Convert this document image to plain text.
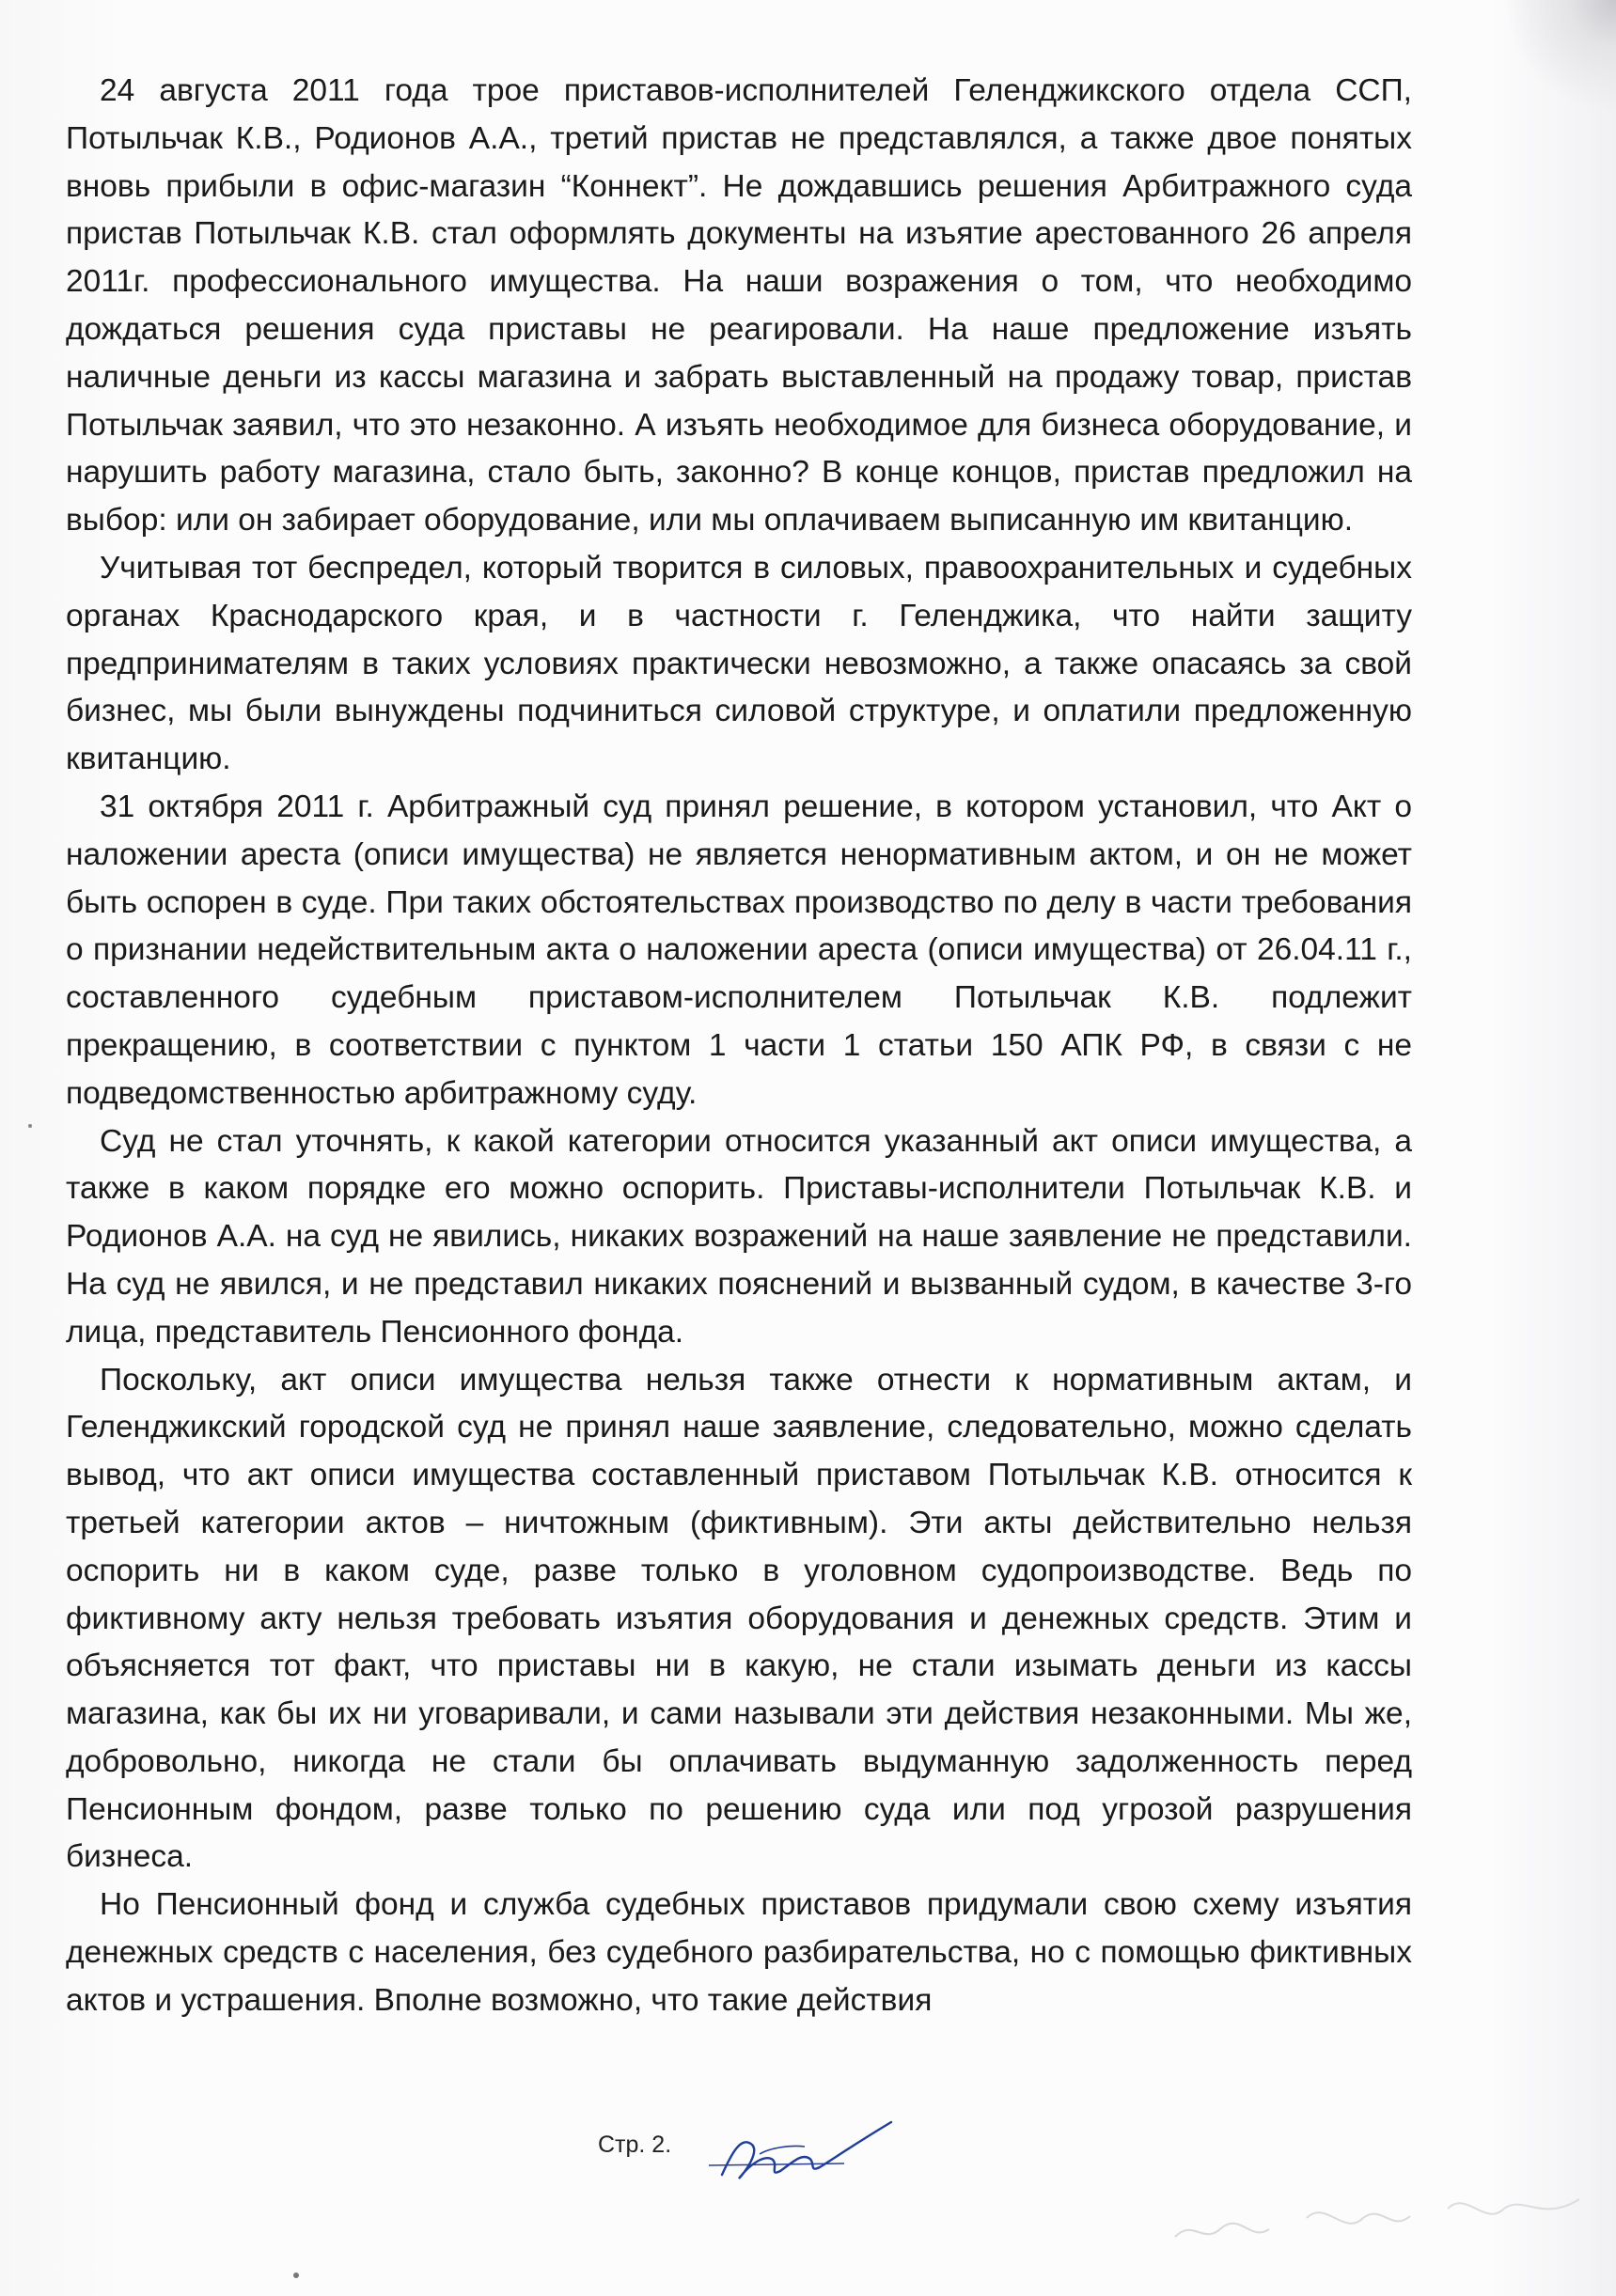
24 августа 2011 года трое приставов-исполнителей Геленджикского отдела ССП, Потыльчак К.В., Родионов А.А., третий пристав не представлялся, а также двое понятых вновь прибыли в офис-магазин “Коннект”. Не дождавшись решения Арбитражного суда пристав Потыльчак К.В. стал оформлять документы на изъятие арестованного 26 апреля 2011г. профессионального имущества. На наши возражения о том, что необходимо дождаться решения суда приставы не реагировали. На наше предложение изъять наличные деньги из кассы магазина и забрать выставленный на продажу товар, пристав Потыльчак заявил, что это незаконно. А изъять необходимое для бизнеса оборудование, и нарушить работу магазина, стало быть, законно? В конце концов, пристав предложил на выбор: или он забирает оборудование, или мы оплачиваем выписанную им квитанцию.

Учитывая тот беспредел, который творится в силовых, правоохранительных и судебных органах Краснодарского края, и в частности г. Геленджика, что найти защиту предпринимателям в таких условиях практически невозможно, а также опасаясь за свой бизнес, мы были вынуждены подчиниться силовой структуре, и оплатили предложенную квитанцию.

31 октября 2011 г. Арбитражный суд принял решение, в котором установил, что Акт о наложении ареста (описи имущества) не является ненормативным актом, и он не может быть оспорен в суде. При таких обстоятельствах производство по делу в части требования о признании недействительным акта о наложении ареста (описи имущества) от 26.04.11 г., составленного судебным приставом-исполнителем Потыльчак К.В. подлежит прекращению, в соответствии с пунктом 1 части 1 статьи 150 АПК РФ, в связи с не подведомственностью арбитражному суду.

Суд не стал уточнять, к какой категории относится указанный акт описи имущества, а также в каком порядке его можно оспорить. Приставы-исполнители Потыльчак К.В. и Родионов А.А. на суд не явились, никаких возражений на наше заявление не представили. На суд не явился, и не представил никаких пояснений и вызванный судом, в качестве 3-го лица, представитель Пенсионного фонда.

Поскольку, акт описи имущества нельзя также отнести к нормативным актам, и Геленджикский городской суд не принял наше заявление, следовательно, можно сделать вывод, что акт описи имущества составленный приставом Потыльчак К.В. относится к третьей категории актов – ничтожным (фиктивным). Эти акты действительно нельзя оспорить ни в каком суде, разве только в уголовном судопроизводстве. Ведь по фиктивному акту нельзя требовать изъятия оборудования и денежных средств. Этим и объясняется тот факт, что приставы ни в какую, не стали изымать деньги из кассы магазина, как бы их ни уговаривали, и сами называли эти действия незаконными. Мы же, добровольно, никогда не стали бы оплачивать выдуманную задолженность перед Пенсионным фондом, разве только по решению суда или под угрозой разрушения бизнеса.

Но Пенсионный фонд и служба судебных приставов придумали свою схему изъятия денежных средств с населения, без судебного разбирательства, но с помощью фиктивных актов и устрашения. Вполне возможно, что такие действия

Стр. 2.
